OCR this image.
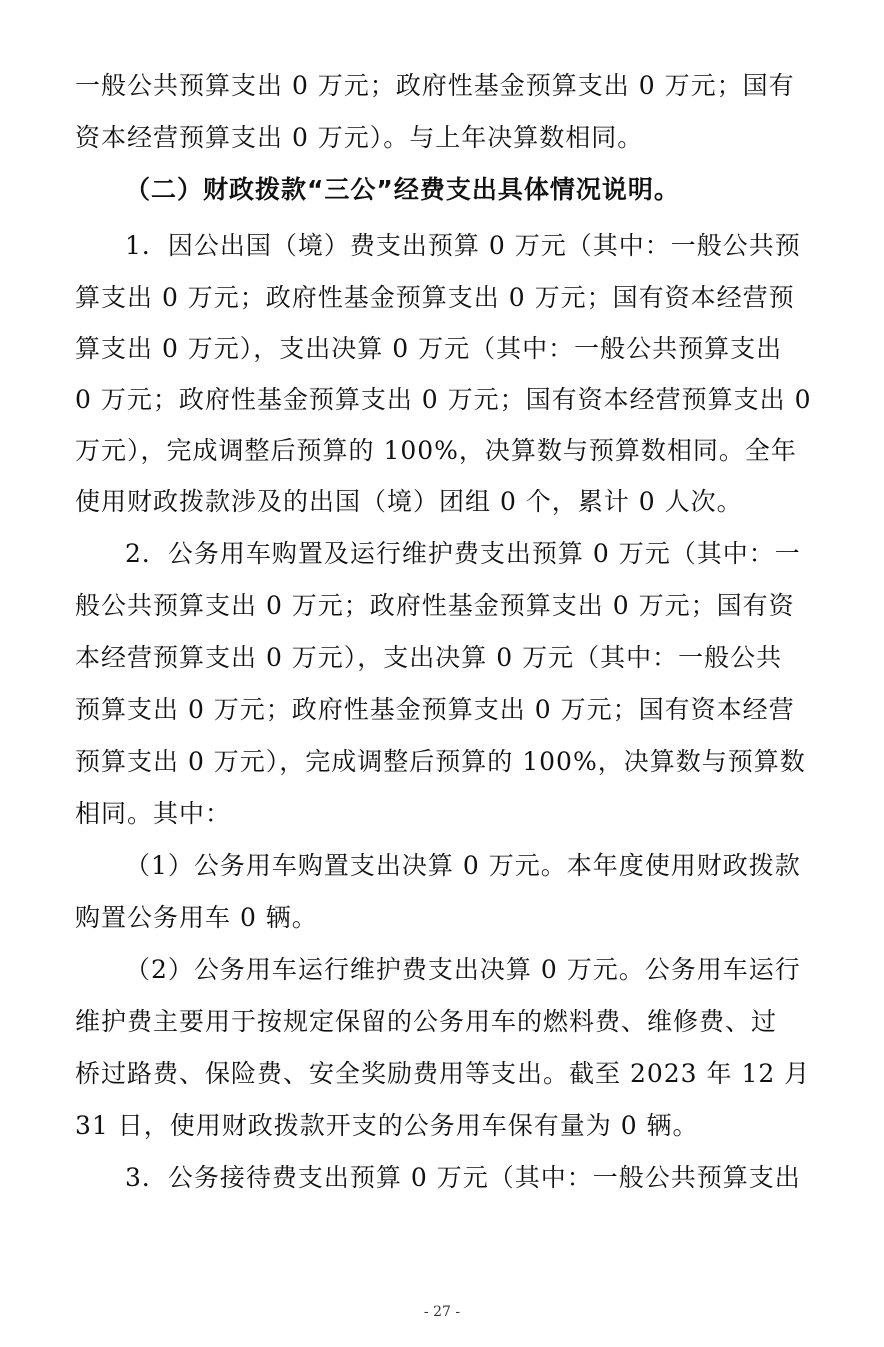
一般公共预算支出 0 万元；政府性基金预算支出 0 万元；国有
资本经营预算支出 0 万元）。与上年决算数相同。
（二）财政拨款“三公”经费支出具体情况说明。
1．因公出国（境）费支出预算 0 万元（其中：一般公共预
算支出 0 万元；政府性基金预算支出 0 万元；国有资本经营预
算支出 0 万元），支出决算 0 万元（其中：一般公共预算支出
0 万元；政府性基金预算支出 0 万元；国有资本经营预算支出 0
万元），完成调整后预算的 100%，决算数与预算数相同。全年
使用财政拨款涉及的出国（境）团组 0 个，累计 0 人次。
2．公务用车购置及运行维护费支出预算 0 万元（其中：一
般公共预算支出 0 万元；政府性基金预算支出 0 万元；国有资
本经营预算支出 0 万元），支出决算 0 万元（其中：一般公共
预算支出 0 万元；政府性基金预算支出 0 万元；国有资本经营
预算支出 0 万元），完成调整后预算的 100%，决算数与预算数
相同。其中：
（1）公务用车购置支出决算 0 万元。本年度使用财政拨款
购置公务用车 0 辆。
（2）公务用车运行维护费支出决算 0 万元。公务用车运行
维护费主要用于按规定保留的公务用车的燃料费、维修费、过
桥过路费、保险费、安全奖励费用等支出。截至 2023 年 12 月
31 日，使用财政拨款开支的公务用车保有量为 0 辆。
3．公务接待费支出预算 0 万元（其中：一般公共预算支出
- 27 -
